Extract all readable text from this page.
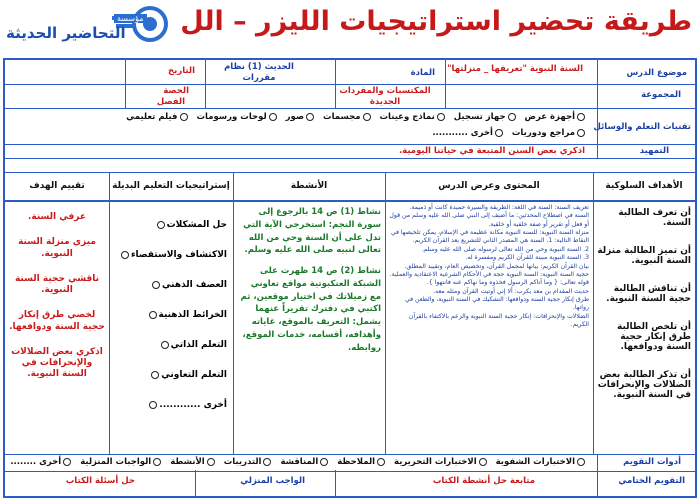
مؤسسة
التحاضير الحديثة طريقة تحضير استراتيجيات الليزر – الل
موضوع الدرس
السنة النبوية "تعريفها _ منزلتها"
المادة
الحديث (1) نظام مقررات
التاريخ
المجموعة
المكتسبات والمفردات الجديدة
الحصة
الفصل
تقنيات التعلم والوسائل
أجهزة عرض

جهاز تسجيل

نماذج وعينات

مجسمات

صور

لوحات ورسومات

فيلم تعليمي
مراجع ودوريات

أخرى ...........
التمهيد
اذكري بعض السنن المتبعة في حياتنا اليومية.
الأهداف السلوكية
أن تعرف الطالبة السنة.
أن تميز الطالبة منزلة السنة النبوية.
أن تناقش الطالبة حجية السنة النبوية.
أن تلخص الطالبة طرق إنكار حجية السنة ودوافعها.
أن تذكر الطالبة بعض الضلالات والإنحرافات في السنة النبوية.
المحتوى وعرض الدرس
تعريف السنة: السنة في اللغة: الطريقة والسيرة حميدة كانت أو ذميمة.
السنة في اصطلاح المحدثين: ما أضيف إلى النبي صلى الله عليه وسلم من قول أو فعل أو تقرير أو صفة خلقية أو خلقية.
منزلة السنة النبوية: للسنة النبوية مكانة عظيمة في الإسلام، يمكن تلخيصها في النقاط التالية: 1. السنة هي المصدر الثاني للتشريع بعد القرآن الكريم.
2. السنة النبوية وحي من الله تعالى لرسوله صلى الله عليه وسلم.
3. السنة النبوية مبينة للقرآن الكريم ومفسرة له.
بيان القرآن الكريم: بيانها لمجمل القرآن، وتخصيص العام، وتقييد المطلق.
حجية السنة النبوية: السنة النبوية حجة في الأحكام الشرعية الاعتقادية والعملية.
قوله تعالى: { وما آتاكم الرسول فخذوه وما نهاكم عنه فانتهوا }.
حديث المقدام بن معد يكرب: ألا إني أوتيت القرآن ومثله معه.
طرق إنكار حجية السنة ودوافعها: التشكيك في السنة النبوية، والطعن في رواتها.
الضلالات والإنحرافات: إنكار حجية السنة النبوية والزعم بالاكتفاء بالقرآن الكريم.
الأنشطة
نشاط (1) ص 14 بالرجوع إلى سورة النجم: استخرجي الآية التي تدل على أن السنة وحي من الله تعالى لنبيه صلى الله عليه وسلم.
نشاط (2) ص 14 ظهرت على الشبكة العنكبوتية مواقع تعاوني مع زميلاتك في اختيار موقعين، ثم اكتبي في دفترك تقريراً عنهما يشمل: التعريف بالموقع، غاياته وأهدافه، أقسامه، خدمات الموقع، روابطه.
إستراتيجيات التعليم البديلة
حل المشكلات
الاكتشاف والاستقصاء
العصف الذهني
الخرائط الذهنية
التعلم الذاتي
التعلم التعاوني
أخرى ............
تقييم الهدف
عرفي السنة.
ميزي منزلة السنة النبوية.
ناقشي حجية السنة النبوية.
لخصي طرق إنكار حجية السنة ودوافعها.
اذكري بعض الضلالات والإنحرافات في السنة النبوية.
أدوات التقويم
الاختبارات الشفوية

الاختبارات التحريرية

الملاحظة

المناقشة

التدريبات

الأنشطة

الواجبات المنزلية

أخرى ........
التقويم الختامي
متابعة حل أنشطة الكتاب
الواجب المنزلي
حل أسئلة الكتاب
